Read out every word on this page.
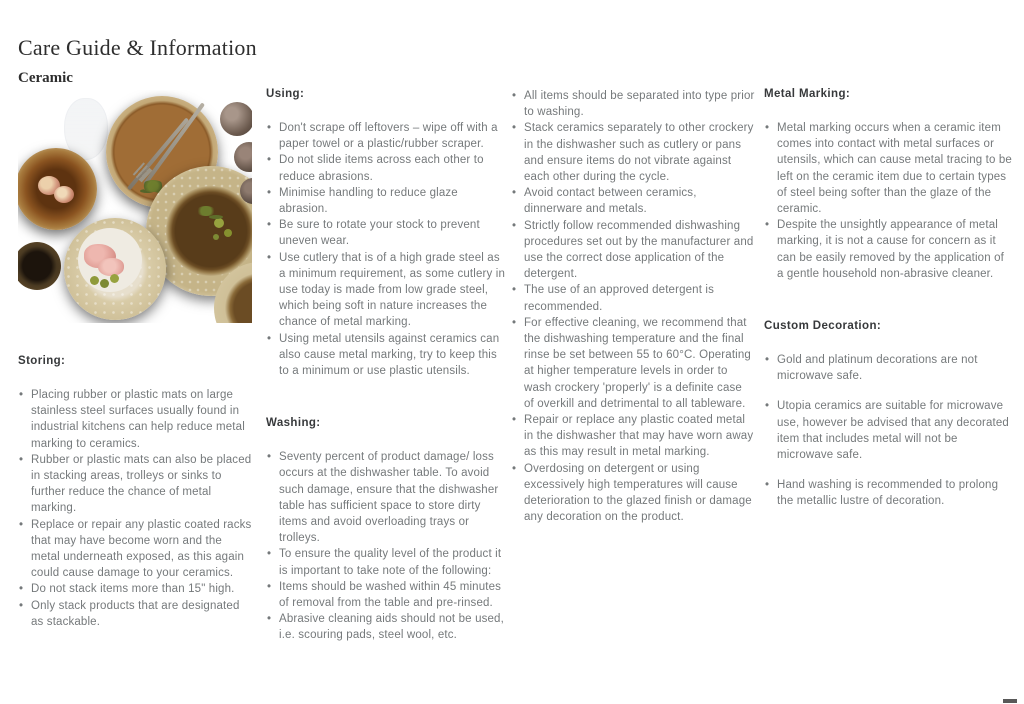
Care Guide & Information
Ceramic
Storing:
• Placing rubber or plastic mats on large stainless steel surfaces usually found in industrial kitchens can help reduce metal marking to ceramics.
• Rubber or plastic mats can also be placed in stacking areas, trolleys or sinks to further reduce the chance of metal marking.
• Replace or repair any plastic coated racks that may have become worn and the metal underneath exposed, as this again could cause damage to your ceramics.
• Do not stack items more than 15" high.
• Only stack products that are designated as stackable.
Using:
• Don't scrape off leftovers – wipe off with a paper towel or a plastic/rubber scraper.
• Do not slide items across each other to reduce abrasions.
• Minimise handling to reduce glaze abrasion.
• Be sure to rotate your stock to prevent uneven wear.
• Use cutlery that is of a high grade steel as a minimum requirement, as some cutlery in use today is made from low grade steel, which being soft in nature increases the chance of metal marking.
• Using metal utensils against ceramics can also cause metal marking, try to keep this to a minimum or use plastic utensils.
Washing:
• Seventy percent of product damage/ loss occurs at the dishwasher table. To avoid such damage, ensure that the dishwasher table has sufficient space to store dirty items and avoid overloading trays or trolleys.
• To ensure the quality level of the product it is important to take note of the following:
• Items should be washed within 45 minutes of removal from the table and pre-rinsed.
• Abrasive cleaning aids should not be used, i.e. scouring pads, steel wool, etc.
• All items should be separated into type prior to washing.
• Stack ceramics separately to other crockery in the dishwasher such as cutlery or pans and ensure items do not vibrate against each other during the cycle.
• Avoid contact between ceramics, dinnerware and metals.
• Strictly follow recommended dishwashing procedures set out by the manufacturer and use the correct dose application of the detergent.
• The use of an approved detergent is recommended.
• For effective cleaning, we recommend that the dishwashing temperature and the final rinse be set between 55 to 60°C. Operating at higher temperature levels in order to wash crockery 'properly' is a definite case of overkill and detrimental to all tableware.
• Repair or replace any plastic coated metal in the dishwasher that may have worn away as this may result in metal marking.
• Overdosing on detergent or using excessively high temperatures will cause deterioration to the glazed finish or damage any decoration on the product.
Metal Marking:
• Metal marking occurs when a ceramic item comes into contact with metal surfaces or utensils, which can cause metal tracing to be left on the ceramic item due to certain types of steel being softer than the glaze of the ceramic.
• Despite the unsightly appearance of metal marking, it is not a cause for concern as it can be easily removed by the application of a gentle household non-abrasive cleaner.
Custom Decoration:
• Gold and platinum decorations are not microwave safe.
• Utopia ceramics are suitable for microwave use, however be advised that any decorated item that includes metal will not be microwave safe.
• Hand washing is recommended to prolong the metallic lustre of decoration.
